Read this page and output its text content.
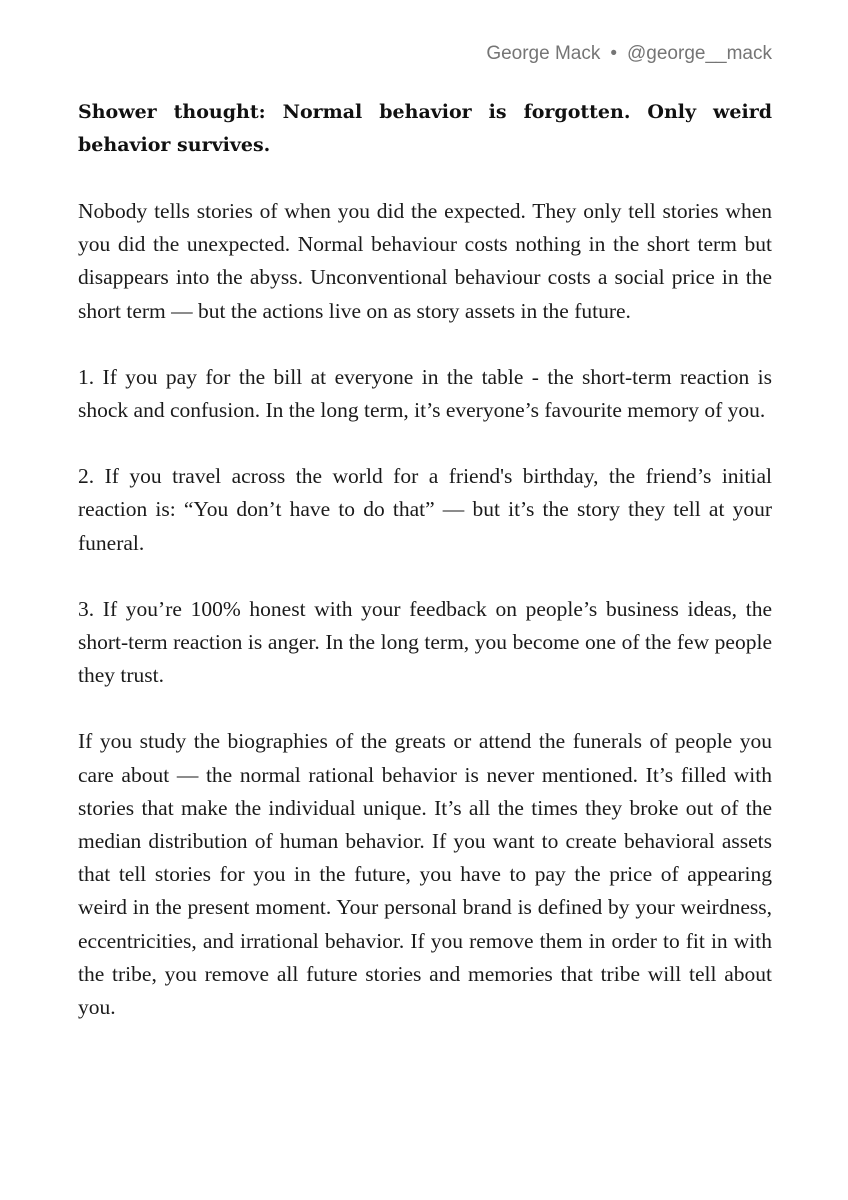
George Mack • @george__mack

Shower thought: Normal behavior is forgotten. Only weird behavior survives.

Nobody tells stories of when you did the expected. They only tell stories when you did the unexpected. Normal behaviour costs nothing in the short term but disappears into the abyss. Unconventional behaviour costs a social price in the short term — but the actions live on as story assets in the future.

1. If you pay for the bill at everyone in the table - the short-term reaction is shock and confusion. In the long term, it’s everyone’s favourite memory of you.

2. If you travel across the world for a friend's birthday, the friend’s initial reaction is: “You don’t have to do that” — but it’s the story they tell at your funeral.

3. If you’re 100% honest with your feedback on people’s business ideas, the short-term reaction is anger. In the long term, you become one of the few people they trust.

If you study the biographies of the greats or attend the funerals of people you care about — the normal rational behavior is never mentioned. It’s filled with stories that make the individual unique. It’s all the times they broke out of the median distribution of human behavior. If you want to create behavioral assets that tell stories for you in the future, you have to pay the price of appearing weird in the present moment. Your personal brand is defined by your weirdness, eccentricities, and irrational behavior. If you remove them in order to fit in with the tribe, you remove all future stories and memories that tribe will tell about you.
